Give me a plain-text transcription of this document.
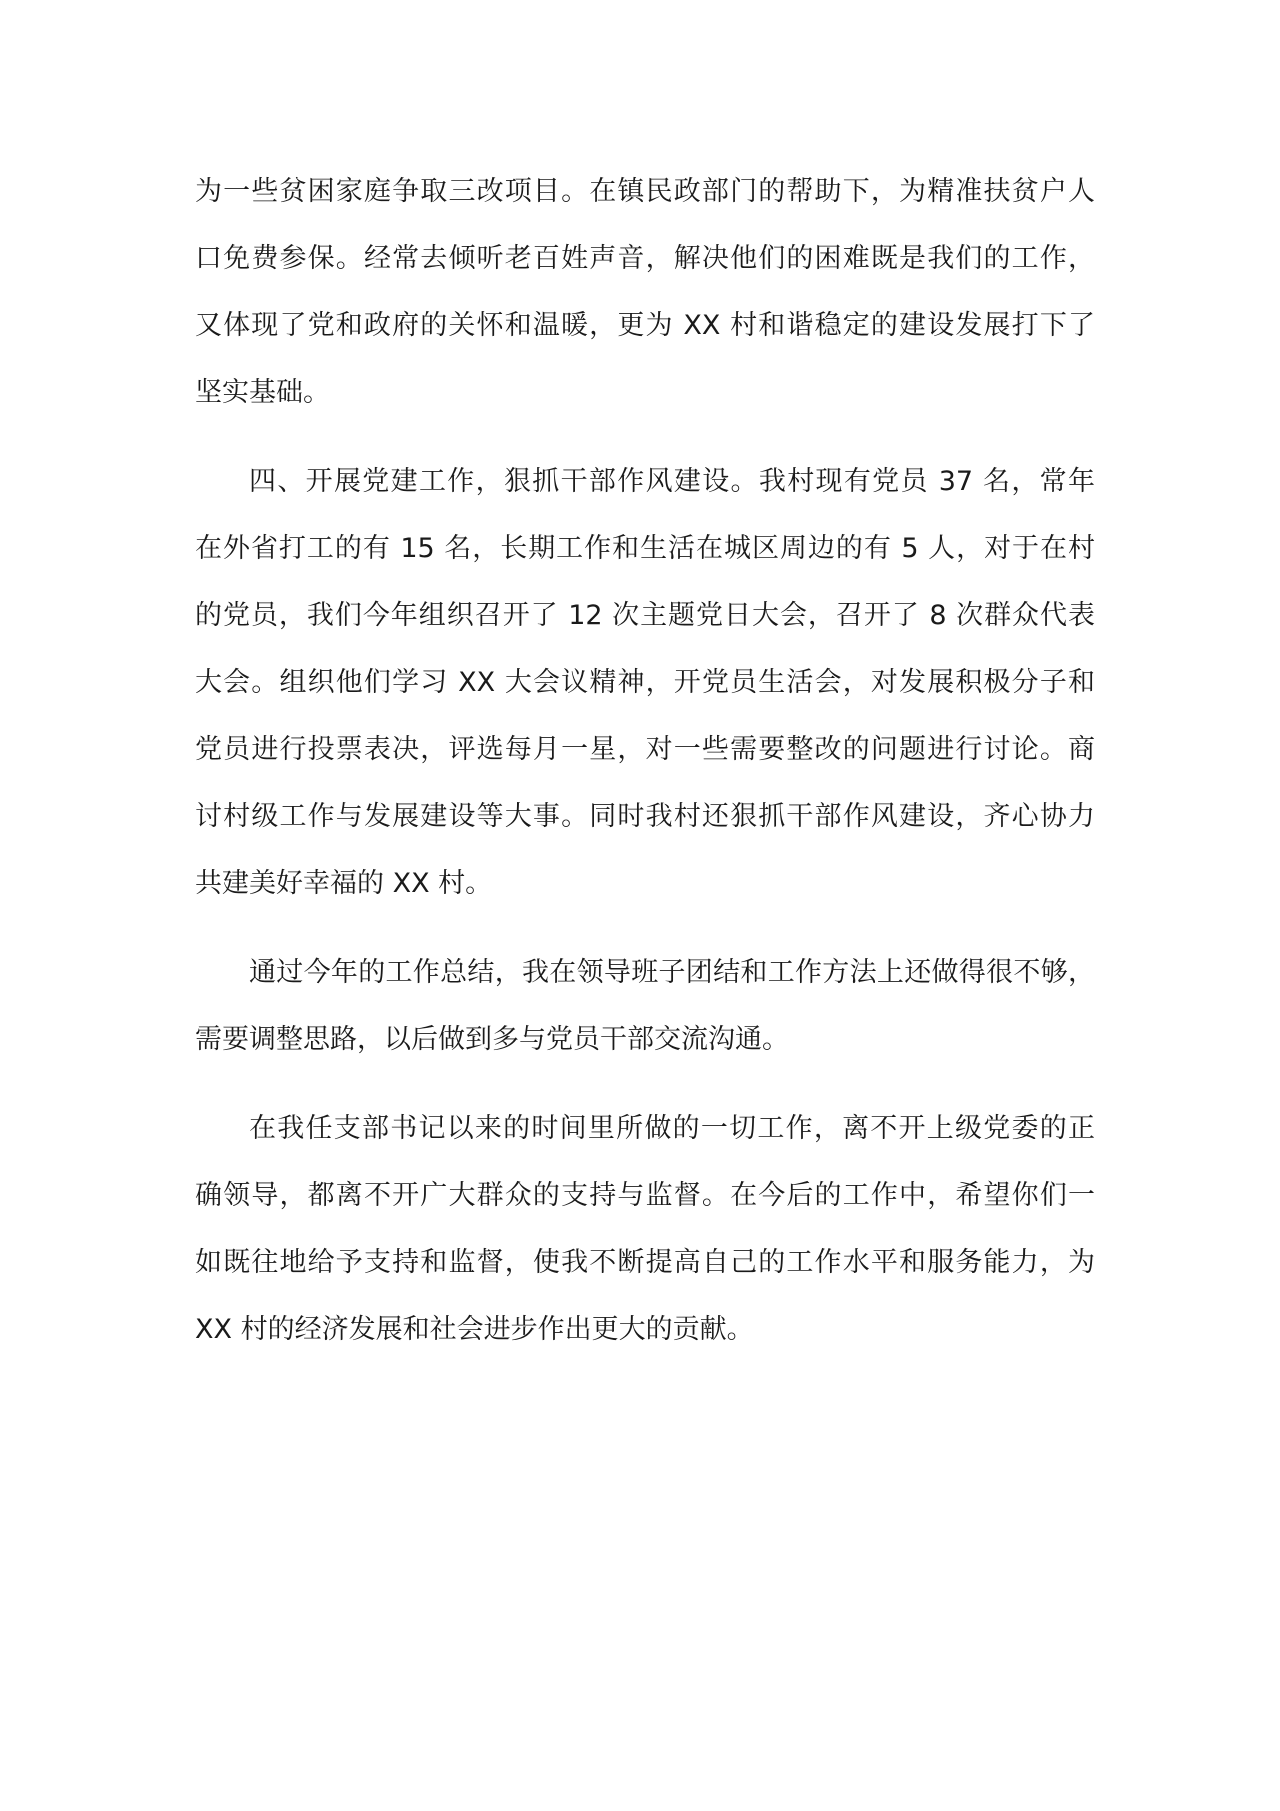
为一些贫困家庭争取三改项目。在镇民政部门的帮助下，为精准扶贫户人
口免费参保。经常去倾听老百姓声音，解决他们的困难既是我们的工作，
又体现了党和政府的关怀和温暖，更为 XX 村和谐稳定的建设发展打下了
坚实基础。
四、开展党建工作，狠抓干部作风建设。我村现有党员 37 名，常年
在外省打工的有 15 名，长期工作和生活在城区周边的有 5 人，对于在村
的党员，我们今年组织召开了 12 次主题党日大会，召开了 8 次群众代表
大会。组织他们学习 XX 大会议精神，开党员生活会，对发展积极分子和
党员进行投票表决，评选每月一星，对一些需要整改的问题进行讨论。商
讨村级工作与发展建设等大事。同时我村还狠抓干部作风建设，齐心协力
共建美好幸福的 XX 村。
通过今年的工作总结，我在领导班子团结和工作方法上还做得很不够，
需要调整思路，以后做到多与党员干部交流沟通。
在我任支部书记以来的时间里所做的一切工作，离不开上级党委的正
确领导，都离不开广大群众的支持与监督。在今后的工作中，希望你们一
如既往地给予支持和监督，使我不断提高自己的工作水平和服务能力，为
XX 村的经济发展和社会进步作出更大的贡献。
